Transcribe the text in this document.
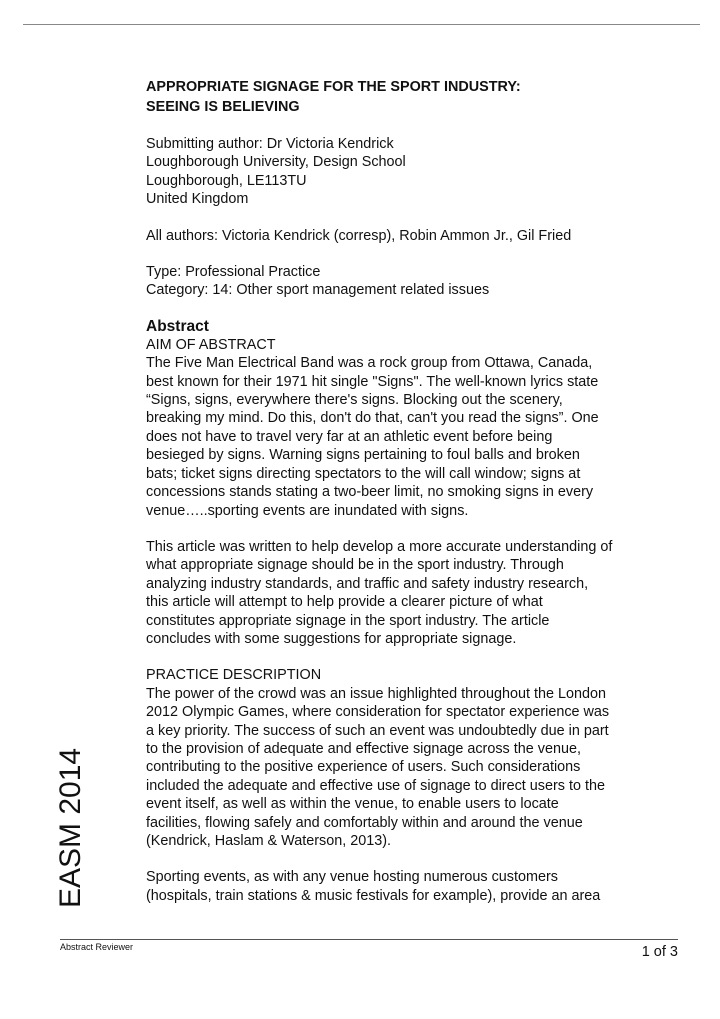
EASM 2014
APPROPRIATE SIGNAGE FOR THE SPORT INDUSTRY:
SEEING IS BELIEVING
Submitting author: Dr Victoria Kendrick
Loughborough University, Design School
Loughborough, LE113TU
United Kingdom
All authors: Victoria Kendrick (corresp), Robin Ammon Jr., Gil Fried
Type: Professional Practice
Category: 14: Other sport management related issues
Abstract
AIM OF ABSTRACT
The Five Man Electrical Band was a rock group from Ottawa, Canada,
best known for their 1971 hit single "Signs". The well-known lyrics state
“Signs, signs, everywhere there's signs. Blocking out the scenery,
breaking my mind. Do this, don't do that, can't you read the signs”. One
does not have to travel very far at an athletic event before being
besieged by signs. Warning signs pertaining to foul balls and broken
bats; ticket signs directing spectators to the will call window; signs at
concessions stands stating a two-beer limit, no smoking signs in every
venue…..sporting events are inundated with signs.
This article was written to help develop a more accurate understanding of
what appropriate signage should be in the sport industry. Through
analyzing industry standards, and traffic and safety industry research,
this article will attempt to help provide a clearer picture of what
constitutes appropriate signage in the sport industry. The article
concludes with some suggestions for appropriate signage.
PRACTICE DESCRIPTION
The power of the crowd was an issue highlighted throughout the London
2012 Olympic Games, where consideration for spectator experience was
a key priority. The success of such an event was undoubtedly due in part
to the provision of adequate and effective signage across the venue,
contributing to the positive experience of users. Such considerations
included the adequate and effective use of signage to direct users to the
event itself, as well as within the venue, to enable users to locate
facilities, flowing safely and comfortably within and around the venue
(Kendrick, Haslam & Waterson, 2013).
Sporting events, as with any venue hosting numerous customers
(hospitals, train stations & music festivals for example), provide an area
Abstract Reviewer	1 of 3
